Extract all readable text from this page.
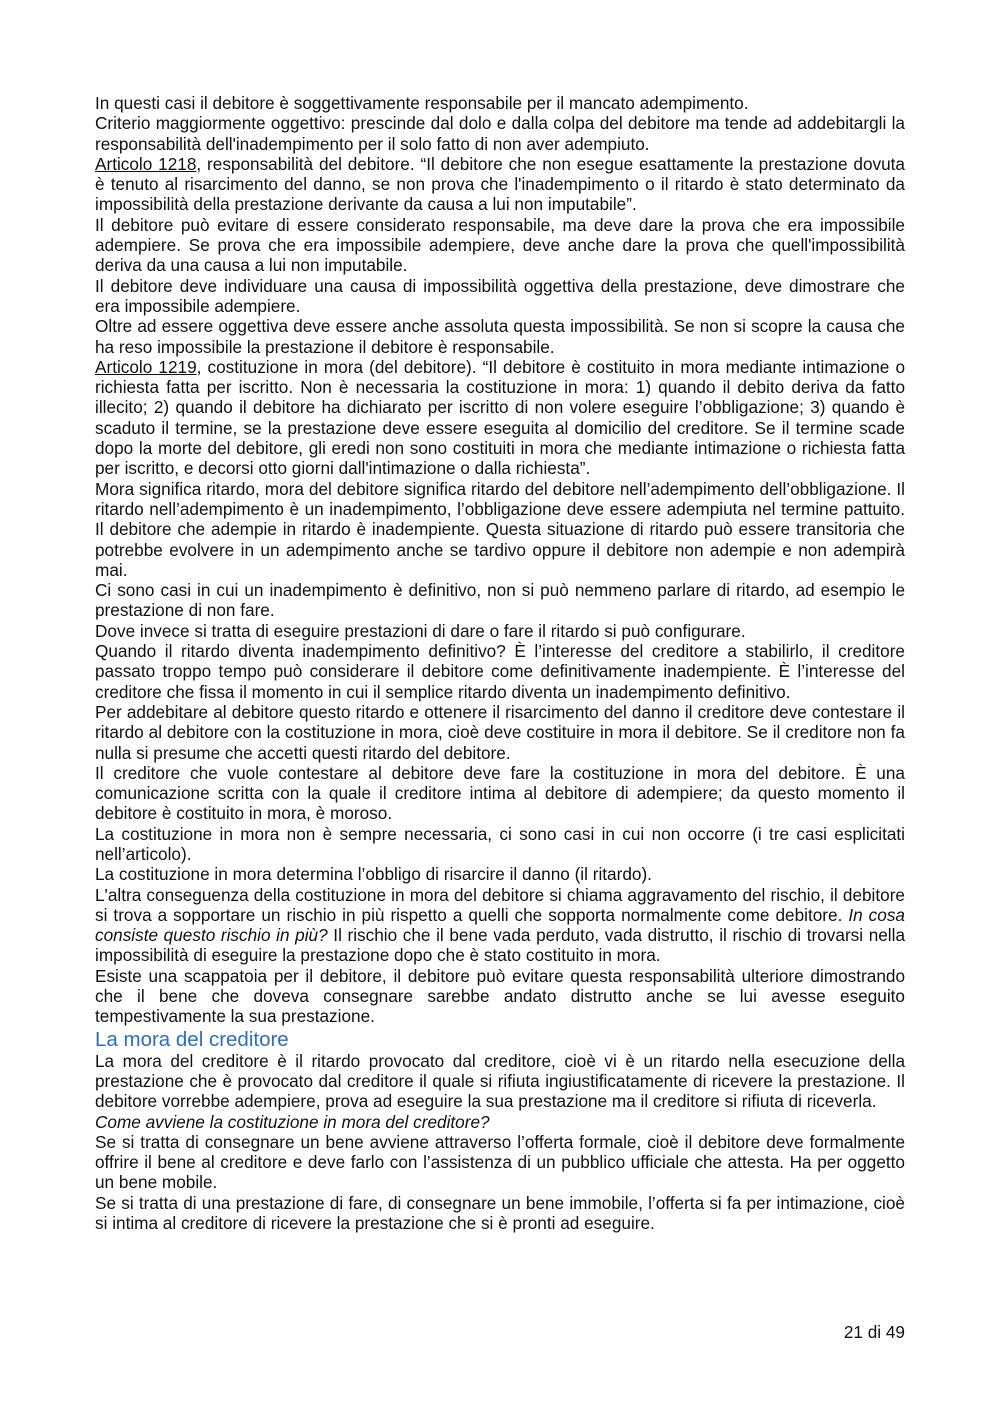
In questi casi il debitore è soggettivamente responsabile per il mancato adempimento.

Criterio maggiormente oggettivo: prescinde dal dolo e dalla colpa del debitore ma tende ad addebitargli la responsabilità dell'inadempimento per il solo fatto di non aver adempiuto.

Articolo 1218, responsabilità del debitore. “Il debitore che non esegue esattamente la prestazione dovuta è tenuto al risarcimento del danno, se non prova che l'inadempimento o il ritardo è stato determinato da impossibilità della prestazione derivante da causa a lui non imputabile”.

Il debitore può evitare di essere considerato responsabile, ma deve dare la prova che era impossibile adempiere. Se prova che era impossibile adempiere, deve anche dare la prova che quell'impossibilità deriva da una causa a lui non imputabile.

Il debitore deve individuare una causa di impossibilità oggettiva della prestazione, deve dimostrare che era impossibile adempiere.

Oltre ad essere oggettiva deve essere anche assoluta questa impossibilità. Se non si scopre la causa che ha reso impossibile la prestazione il debitore è responsabile.

Articolo 1219, costituzione in mora (del debitore). “Il debitore è costituito in mora mediante intimazione o richiesta fatta per iscritto. Non è necessaria la costituzione in mora: 1) quando il debito deriva da fatto illecito; 2) quando il debitore ha dichiarato per iscritto di non volere eseguire l’obbligazione; 3) quando è scaduto il termine, se la prestazione deve essere eseguita al domicilio del creditore. Se il termine scade dopo la morte del debitore, gli eredi non sono costituiti in mora che mediante intimazione o richiesta fatta per iscritto, e decorsi otto giorni dall'intimazione o dalla richiesta”.

Mora significa ritardo, mora del debitore significa ritardo del debitore nell’adempimento dell’obbligazione. Il ritardo nell’adempimento è un inadempimento, l’obbligazione deve essere adempiuta nel termine pattuito. Il debitore che adempie in ritardo è inadempiente. Questa situazione di ritardo può essere transitoria che potrebbe evolvere in un adempimento anche se tardivo oppure il debitore non adempie e non adempirà mai.

Ci sono casi in cui un inadempimento è definitivo, non si può nemmeno parlare di ritardo, ad esempio le prestazione di non fare.

Dove invece si tratta di eseguire prestazioni di dare o fare il ritardo si può configurare.

Quando il ritardo diventa inadempimento definitivo? È l’interesse del creditore a stabilirlo, il creditore passato troppo tempo può considerare il debitore come definitivamente inadempiente. È l’interesse del creditore che fissa il momento in cui il semplice ritardo diventa un inadempimento definitivo.

Per addebitare al debitore questo ritardo e ottenere il risarcimento del danno il creditore deve contestare il ritardo al debitore con la costituzione in mora, cioè deve costituire in mora il debitore. Se il creditore non fa nulla si presume che accetti questi ritardo del debitore.

Il creditore che vuole contestare al debitore deve fare la costituzione in mora del debitore. È una comunicazione scritta con la quale il creditore intima al debitore di adempiere; da questo momento il debitore è costituito in mora, è moroso.

La costituzione in mora non è sempre necessaria, ci sono casi in cui non occorre (i tre casi esplicitati nell’articolo).

La costituzione in mora determina l’obbligo di risarcire il danno (il ritardo).

L'altra conseguenza della costituzione in mora del debitore si chiama aggravamento del rischio, il debitore si trova a sopportare un rischio in più rispetto a quelli che sopporta normalmente come debitore. In cosa consiste questo rischio in più? Il rischio che il bene vada perduto, vada distrutto, il rischio di trovarsi nella impossibilità di eseguire la prestazione dopo che è stato costituito in mora.

Esiste una scappatoia per il debitore, il debitore può evitare questa responsabilità ulteriore dimostrando che il bene che doveva consegnare sarebbe andato distrutto anche se lui avesse eseguito tempestivamente la sua prestazione.

La mora del creditore

La mora del creditore è il ritardo provocato dal creditore, cioè vi è un ritardo nella esecuzione della prestazione che è provocato dal creditore il quale si rifiuta ingiustificatamente di ricevere la prestazione. Il debitore vorrebbe adempiere, prova ad eseguire la sua prestazione ma il creditore si rifiuta di riceverla.

Come avviene la costituzione in mora del creditore?

Se si tratta di consegnare un bene avviene attraverso l’offerta formale, cioè il debitore deve formalmente offrire il bene al creditore e deve farlo con l’assistenza di un pubblico ufficiale che attesta. Ha per oggetto un bene mobile.

Se si tratta di una prestazione di fare, di consegnare un bene immobile, l’offerta si fa per intimazione, cioè si intima al creditore di ricevere la prestazione che si è pronti ad eseguire.

21 di 49
